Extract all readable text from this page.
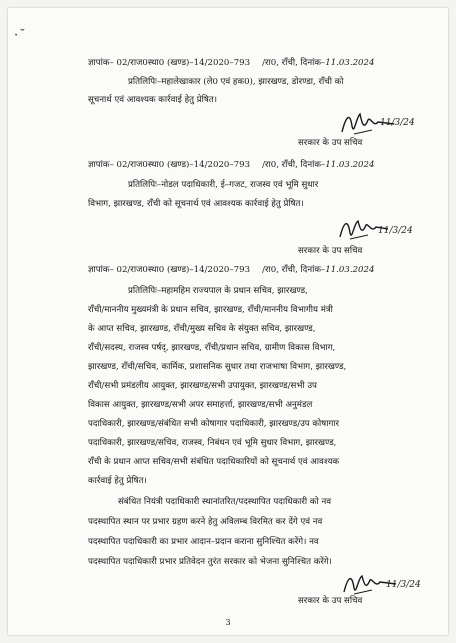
·˘
ज्ञापांक– 02/राज0स्था0 (खण्ड)–14/2020–793 /रा0, राँची, दिनांक–11.03.2024
प्रतिलिपिः–महालेखाकार (ले0 एवं हक0), झारखण्ड, डोरण्डा, राँची को
सूचनार्थ एवं आवश्यक कार्रवाई हेतु प्रेषित।
11/3/24
सरकार के उप सचिव
ज्ञापांक– 02/राज0स्था0 (खण्ड)–14/2020–793 /रा0, राँची, दिनांक–11.03.2024
प्रतिलिपिः–नोडल पदाधिकारी, ई–गजट, राजस्व एवं भूमि सुधार
विभाग, झारखण्ड, राँची को सूचनार्थ एवं आवश्यक कार्रवाई हेतु प्रेषित।
11/3/24
सरकार के उप सचिव
ज्ञापांक– 02/राज0स्था0 (खण्ड)–14/2020–793 /रा0, राँची, दिनांक–11.03.2024
प्रतिलिपिः–महामहिम राज्यपाल के प्रधान सचिव, झारखण्ड,
राँची/माननीय मुख्यमंत्री के प्रधान सचिव, झारखण्ड, राँची/माननीय विभागीय मंत्री
के आप्त सचिव, झारखण्ड, राँची/मुख्य सचिव के संयुक्त सचिव, झारखण्ड,
राँची/सदस्य, राजस्व पर्षद्, झारखण्ड, राँची/प्रधान सचिव, ग्रामीण विकास विभाग,
झारखण्ड, राँची/सचिव, कार्मिक, प्रशासनिक सुधार तथा राजभाषा विभाग, झारखण्ड,
राँची/सभी प्रमंडलीय आयुक्त, झारखण्ड/सभी उपायुक्त, झारखण्ड/सभी उप
विकास आयुक्त, झारखण्ड/सभी अपर समाहर्त्ता, झारखण्ड/सभी अनुमंडल
पदाधिकारी, झारखण्ड/संबंधित सभी कोषागार पदाधिकारी, झारखण्ड/उप कोषागार
पदाधिकारी, झारखण्ड/सचिव, राजस्व, निबंधन एवं भूमि सुधार विभाग, झारखण्ड,
राँची के प्रधान आप्त सचिव/सभी संबंधित पदाधिकारियों को सूचनार्थ एवं आवश्यक
कार्रवाई हेतु प्रेषित।
संबंधित नियंत्री पदाधिकारी स्थानांतरित/पदस्थापित पदाधिकारी को नव
पदस्थापित स्थान पर प्रभार ग्रहण करने हेतु अविलम्ब विरमित कर देंगे एवं नव
पदस्थापित पदाधिकारी का प्रभार आदान–प्रदान कराना सुनिश्चित करेंगे। नव
पदस्थापित पदाधिकारी प्रभार प्रतिवेदन तुरंत सरकार को भेजना सुनिश्चित करेंगे।
11/3/24
सरकार के उप सचिव
3
